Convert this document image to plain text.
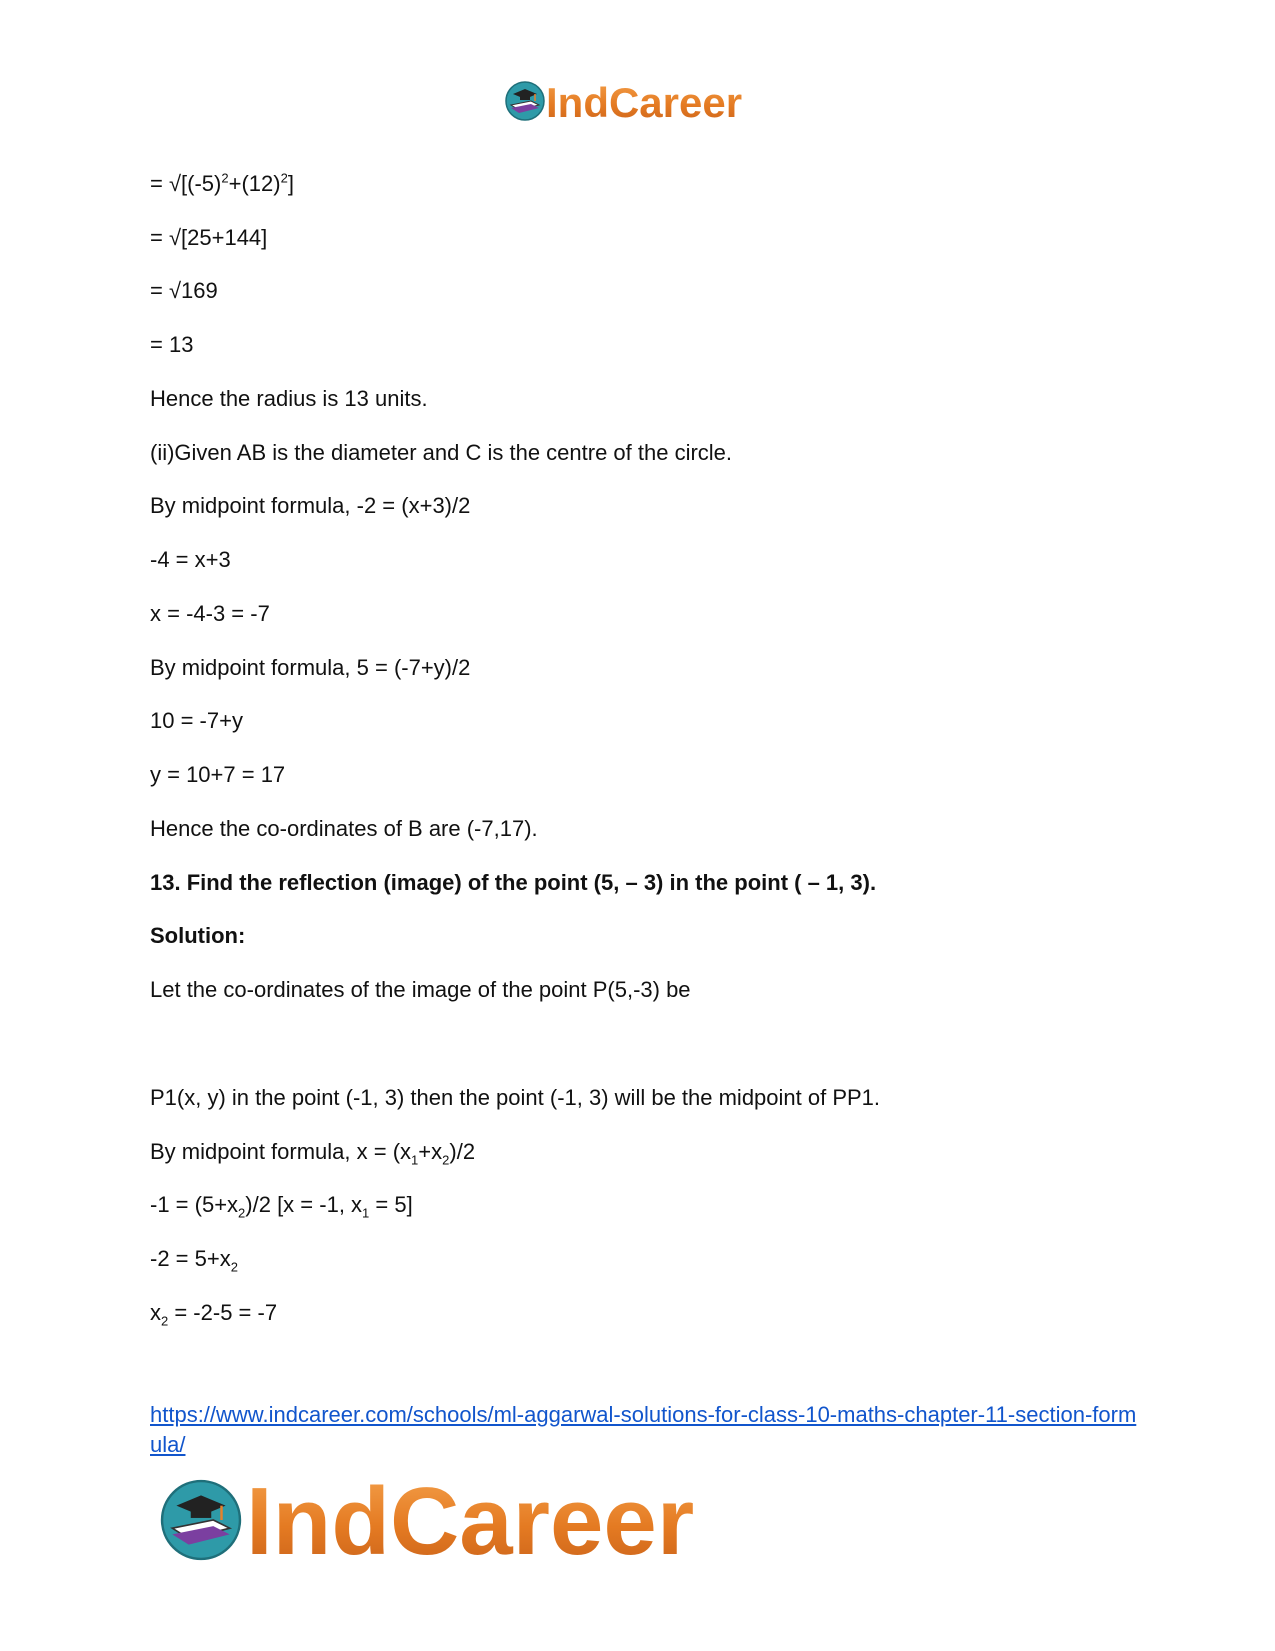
IndCareer
= $√[(-5)^2+(12)^2]$
= √[25+144]
= √169
= 13
Hence the radius is 13 units.
(ii)Given AB is the diameter and C is the centre of the circle.
By midpoint formula, -2 = (x+3)/2
-4 = x+3
x = -4-3 = -7
By midpoint formula, 5 = (-7+y)/2
10 = -7+y
y = 10+7 = 17
Hence the co-ordinates of B are (-7,17).
13. Find the reflection (image) of the point (5, – 3) in the point ( – 1, 3).
Solution:
Let the co-ordinates of the image of the point P(5,-3) be
P1(x, y) in the point (-1, 3) then the point (-1, 3) will be the midpoint of PP1.
By midpoint formula, $x = (x_1+x_2)/2$
$-1 = (5+x_2)/2$ [x = -1, $x_1 = 5$]
$-2 = 5+x_2$
$x_2 = -2-5 = -7$
https://www.indcareer.com/schools/ml-aggarwal-solutions-for-class-10-maths-chapter-11-section-formula/
IndCareer
